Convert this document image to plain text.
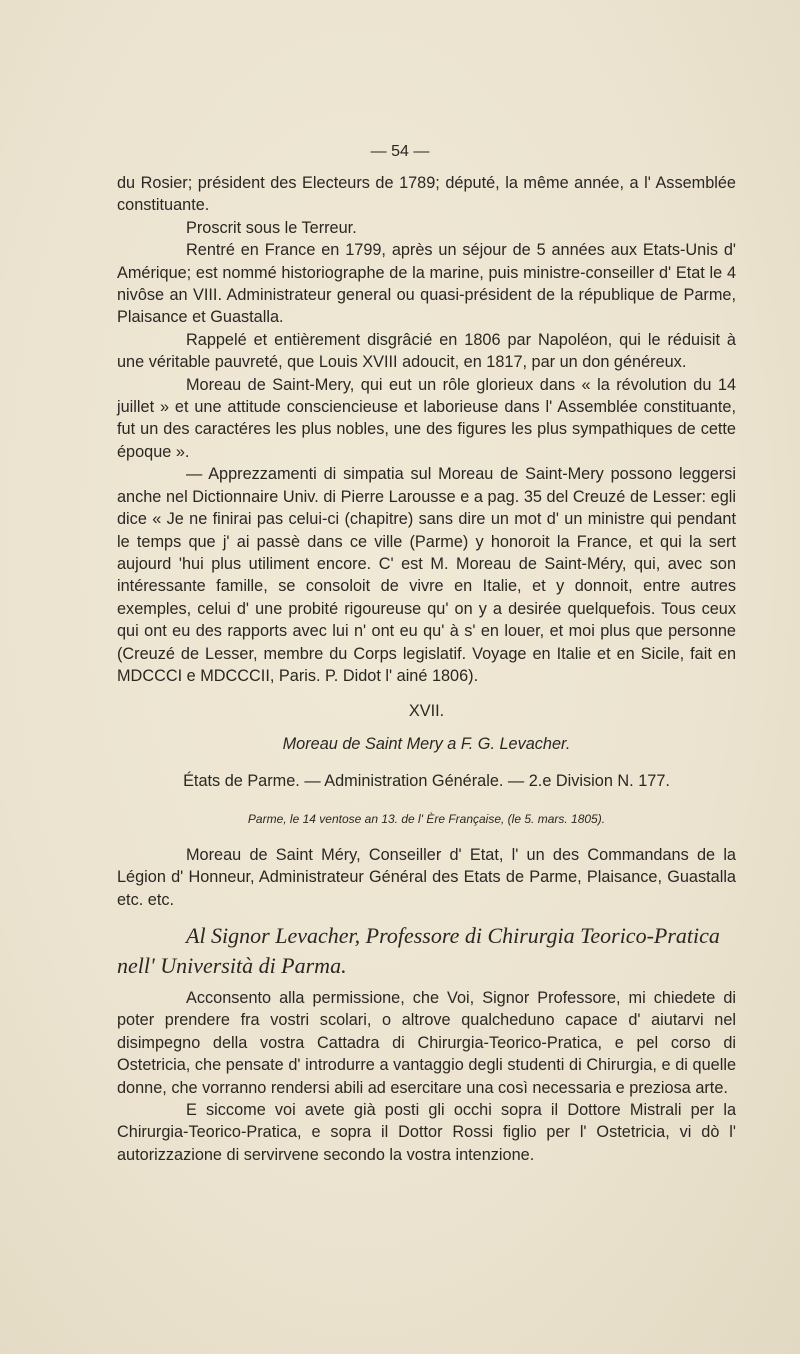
— 54 —

du Rosier; président des Electeurs de 1789; député, la même année, a l' Assemblée constituante.

Proscrit sous le Terreur.

Rentré en France en 1799, après un séjour de 5 années aux Etats-Unis d' Amérique; est nommé historiographe de la marine, puis ministre-conseiller d' Etat le 4 nivôse an VIII. Administrateur general ou quasi-président de la république de Parme, Plaisance et Guastalla.

Rappelé et entièrement disgrâcié en 1806 par Napoléon, qui le réduisit à une véritable pauvreté, que Louis XVIII adoucit, en 1817, par un don généreux.

Moreau de Saint-Mery, qui eut un rôle glorieux dans « la révolution du 14 juillet » et une attitude consciencieuse et laborieuse dans l' Assemblée constituante, fut un des caractéres les plus nobles, une des figures les plus sympathiques de cette époque ».

— Apprezzamenti di simpatia sul Moreau de Saint-Mery possono leggersi anche nel Dictionnaire Univ. di Pierre Larousse e a pag. 35 del Creuzé de Lesser: egli dice « Je ne finirai pas celui-ci (chapitre) sans dire un mot d' un ministre qui pendant le temps que j' ai passè dans ce ville (Parme) y honoroit la France, et qui la sert aujourd 'hui plus utiliment encore. C' est M. Moreau de Saint-Méry, qui, avec son intéressante famille, se consoloit de vivre en Italie, et y donnoit, entre autres exemples, celui d' une probité rigoureuse qu' on y a desirée quelquefois. Tous ceux qui ont eu des rapports avec lui n' ont eu qu' à s' en louer, et moi plus que personne (Creuzé de Lesser, membre du Corps legislatif. Voyage en Italie et en Sicile, fait en MDCCCI e MDCCCII, Paris. P. Didot l' ainé 1806).

XVII.
Moreau de Saint Mery a F. G. Levacher.
États de Parme. — Administration Générale. — 2.e Division N. 177.
Parme, le 14 ventose an 13. de l' Ère Française, (le 5. mars. 1805).
Moreau de Saint Méry, Conseiller d' Etat, l' un des Commandans de la Légion d' Honneur, Administrateur Général des Etats de Parme, Plaisance, Guastalla etc. etc.
Al Signor Levacher, Professore di Chirurgia Teorico-Pratica nell' Università di Parma.

Acconsento alla permissione, che Voi, Signor Professore, mi chiedete di poter prendere fra vostri scolari, o altrove qualcheduno capace d' aiutarvi nel disimpegno della vostra Cattadra di Chirurgia-Teorico-Pratica, e pel corso di Ostetricia, che pensate d' introdurre a vantaggio degli studenti di Chirurgia, e di quelle donne, che vorranno rendersi abili ad esercitare una così necessaria e preziosa arte.

E siccome voi avete già posti gli occhi sopra il Dottore Mistrali per la Chirurgia-Teorico-Pratica, e sopra il Dottor Rossi figlio per l' Ostetricia, vi dò l' autorizzazione di servirvene secondo la vostra intenzione.
